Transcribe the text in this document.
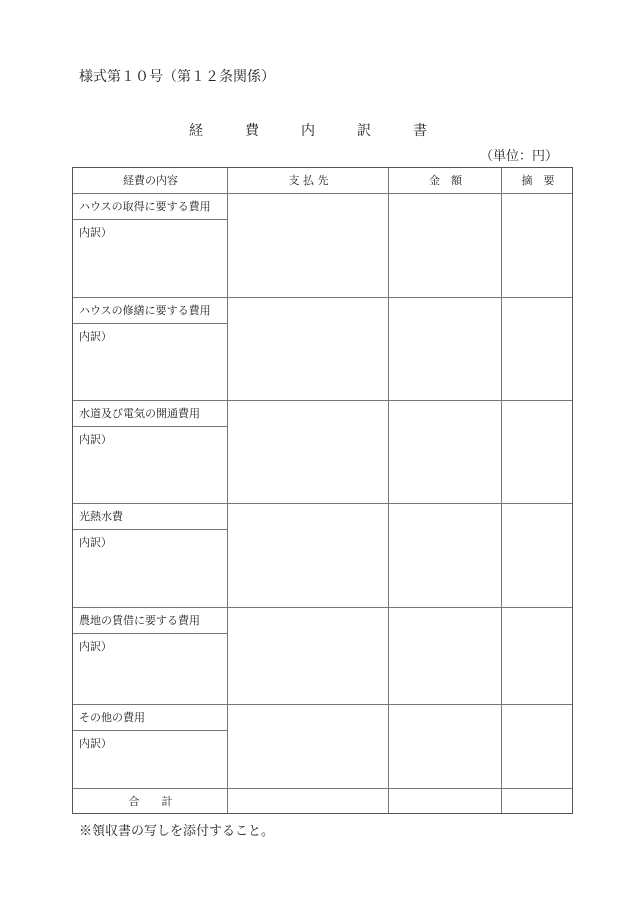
様式第１０号（第１２条関係）
経　費　内　訳　書
（単位：円）
経費の内容	支 払 先	金　額	摘　要
ハウスの取得に要する費用
内訳）
ハウスの修繕に要する費用
内訳）
水道及び電気の開通費用
内訳）
光熱水費
内訳）
農地の賃借に要する費用
内訳）
その他の費用
内訳）
合　　計
※領収書の写しを添付すること。
